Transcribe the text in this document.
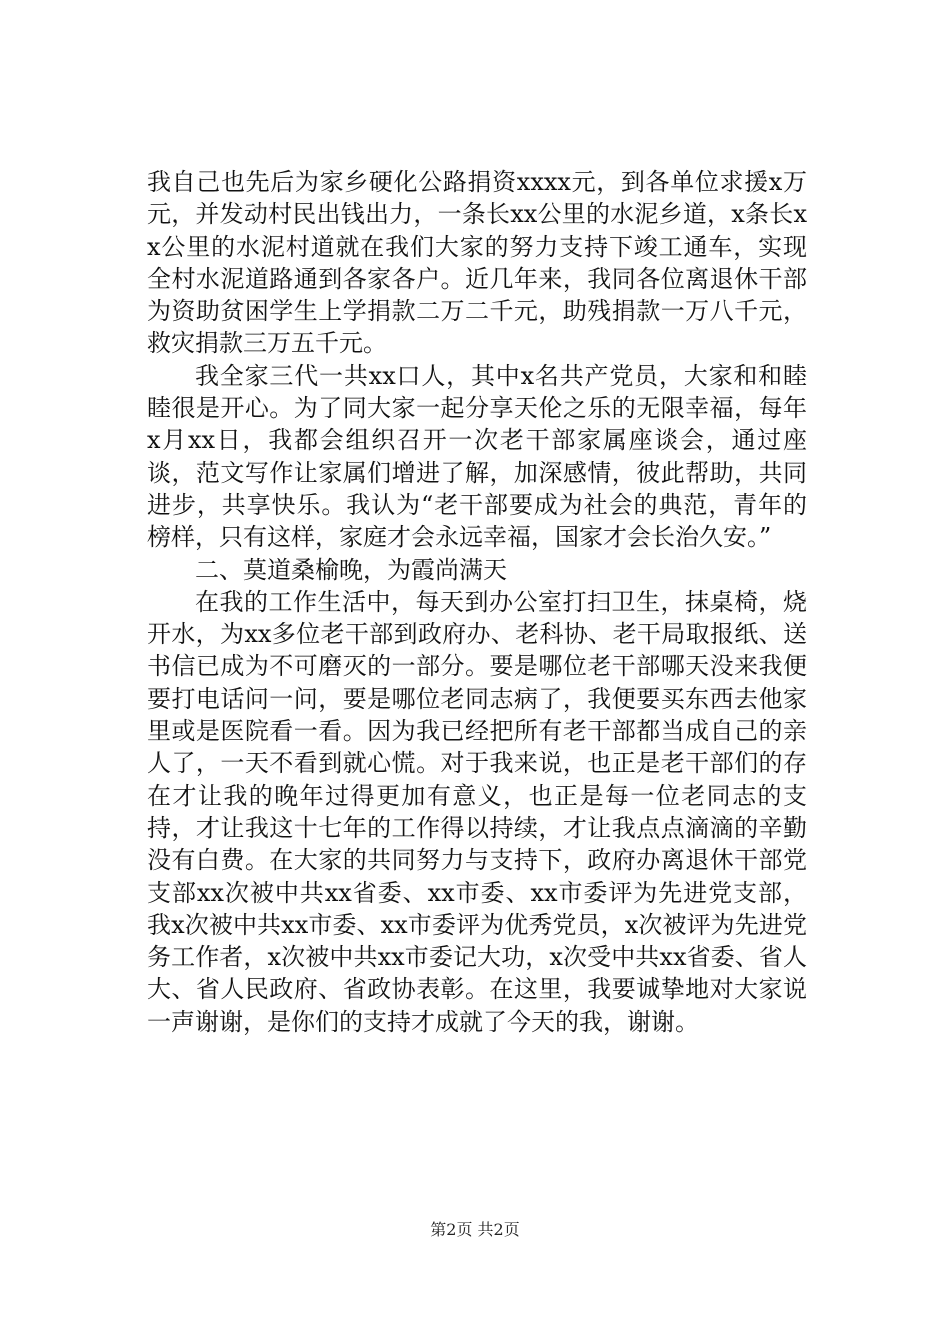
我自己也先后为家乡硬化公路捐资xxxx元，到各单位求援x万元，并发动村民出钱出力，一条长xx公里的水泥乡道，x条长xx公里的水泥村道就在我们大家的努力支持下竣工通车，实现全村水泥道路通到各家各户。近几年来，我同各位离退休干部为资助贫困学生上学捐款二万二千元，助残捐款一万八千元，救灾捐款三万五千元。

我全家三代一共xx口人，其中x名共产党员，大家和和睦睦很是开心。为了同大家一起分享天伦之乐的无限幸福，每年x月xx日，我都会组织召开一次老干部家属座谈会，通过座谈，范文写作让家属们增进了解，加深感情，彼此帮助，共同进步，共享快乐。我认为“老干部要成为社会的典范，青年的榜样，只有这样，家庭才会永远幸福，国家才会长治久安。”

二、莫道桑榆晚，为霞尚满天

在我的工作生活中，每天到办公室打扫卫生，抹桌椅，烧开水，为xx多位老干部到政府办、老科协、老干局取报纸、送书信已成为不可磨灭的一部分。要是哪位老干部哪天没来我便要打电话问一问，要是哪位老同志病了，我便要买东西去他家里或是医院看一看。因为我已经把所有老干部都当成自己的亲人了，一天不看到就心慌。对于我来说，也正是老干部们的存在才让我的晚年过得更加有意义，也正是每一位老同志的支持，才让我这十七年的工作得以持续，才让我点点滴滴的辛勤没有白费。在大家的共同努力与支持下，政府办离退休干部党支部xx次被中共xx省委、xx市委、xx市委评为先进党支部，我x次被中共xx市委、xx市委评为优秀党员，x次被评为先进党务工作者，x次被中共xx市委记大功，x次受中共xx省委、省人大、省人民政府、省政协表彰。在这里，我要诚挚地对大家说一声谢谢，是你们的支持才成就了今天的我，谢谢。

第2页 共2页
